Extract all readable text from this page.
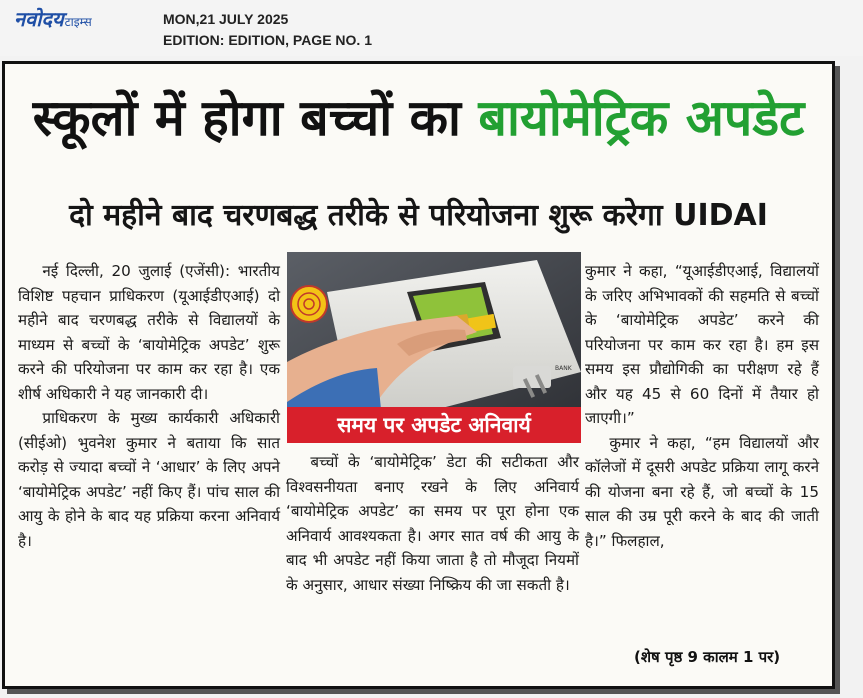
नवोदय टाइम्स	MON,21 JULY 2025
EDITION: EDITION, PAGE NO. 1
स्कूलों में होगा बच्चों का बायोमेट्रिक अपडेट
दो महीने बाद चरणबद्ध तरीके से परियोजना शुरू करेगा UIDAI

नई दिल्ली, 20 जुलाई (एजेंसी): भारतीय विशिष्ट पहचान प्राधिकरण (यूआईडीएआई) दो महीने बाद चरणबद्ध तरीके से विद्यालयों के माध्यम से बच्चों के ‘बायोमेट्रिक अपडेट’ शुरू करने की परियोजना पर काम कर रहा है। एक शीर्ष अधिकारी ने यह जानकारी दी।

प्राधिकरण के मुख्य कार्यकारी अधिकारी (सीईओ) भुवनेश कुमार ने बताया कि सात करोड़ से ज्यादा बच्चों ने ‘आधार’ के लिए अपने ‘बायोमेट्रिक अपडेट’ नहीं किए हैं। पांच साल की आयु के होने के बाद यह प्रक्रिया करना अनिवार्य है।

BANK
समय पर अपडेट अनिवार्य

बच्चों के ‘बायोमेट्रिक’ डेटा की सटीकता और विश्वसनीयता बनाए रखने के लिए अनिवार्य ‘बायोमेट्रिक अपडेट’ का समय पर पूरा होना एक अनिवार्य आवश्यकता है। अगर सात वर्ष की आयु के बाद भी अपडेट नहीं किया जाता है तो मौजूदा नियमों के अनुसार, आधार संख्या निष्क्रिय की जा सकती है।

कुमार ने कहा, “यूआईडीएआई, विद्यालयों के जरिए अभिभावकों की सहमति से बच्चों के ‘बायोमेट्रिक अपडेट’ करने की परियोजना पर काम कर रहा है। हम इस समय इस प्रौद्योगिकी का परीक्षण रहे हैं और यह 45 से 60 दिनों में तैयार हो जाएगी।”

कुमार ने कहा, “हम विद्यालयों और कॉलेजों में दूसरी अपडेट प्रक्रिया लागू करने की योजना बना रहे हैं, जो बच्चों के 15 साल की उम्र पूरी करने के बाद की जाती है।” फिलहाल,

(शेष पृष्ठ 9 कालम 1 पर)
